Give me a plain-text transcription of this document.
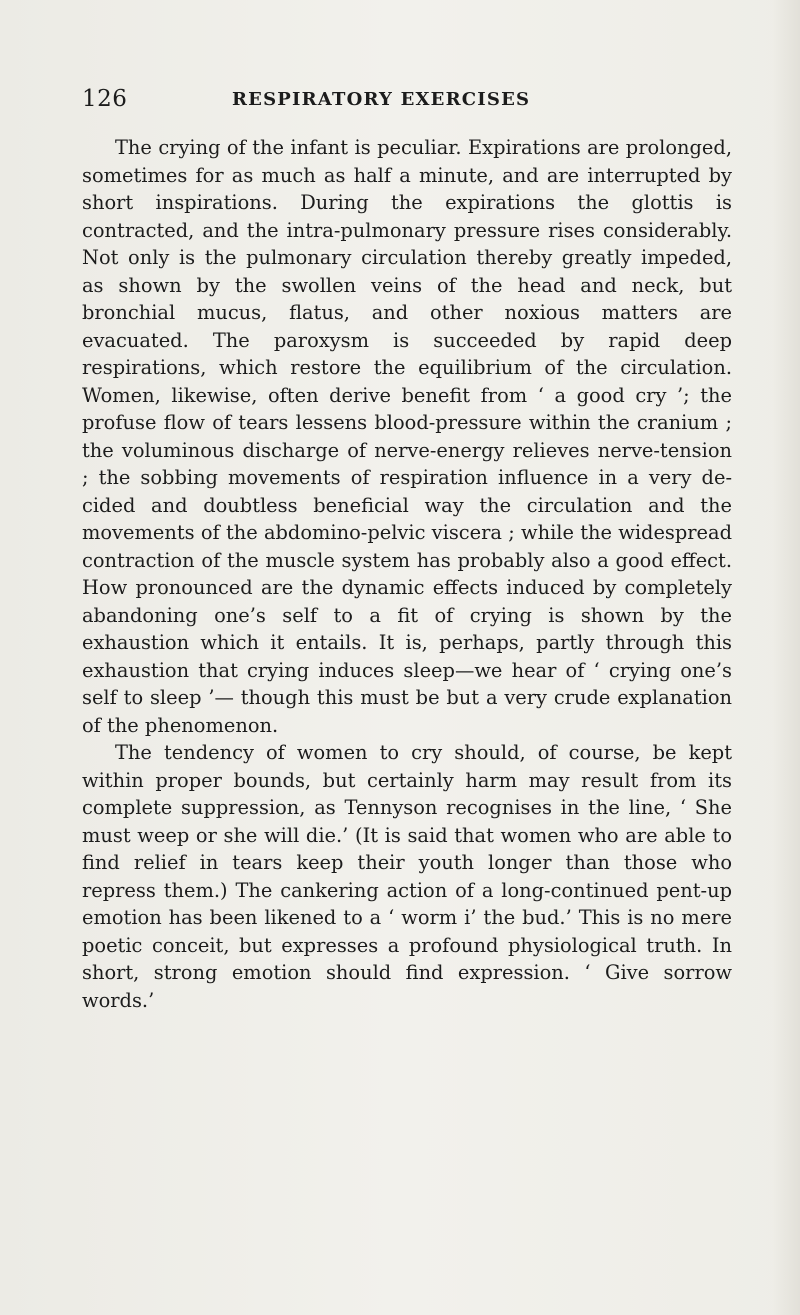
126	RESPIRATORY EXERCISES

The crying of the infant is peculiar. Expirations are prolonged, sometimes for as much as half a minute, and are interrupted by short inspirations. During the expirations the glottis is contracted, and the intra-pulmonary pressure rises considerably. Not only is the pulmonary circulation thereby greatly impeded, as shown by the swollen veins of the head and neck, but bronchial mucus, flatus, and other noxious matters are evacuated. The paroxysm is succeeded by rapid deep respirations, which restore the equilibrium of the circulation. Women, likewise, often derive benefit from ‘ a good cry ’; the profuse flow of tears lessens blood-pressure within the cranium ; the voluminous discharge of nerve-energy relieves nerve-tension ; the sobbing movements of respiration influence in a very decided and doubtless beneficial way the circulation and the movements of the abdomino-pelvic viscera ; while the widespread contraction of the muscle system has probably also a good effect. How pronounced are the dynamic effects induced by completely abandoning one’s self to a fit of crying is shown by the exhaustion which it entails. It is, perhaps, partly through this exhaustion that crying induces sleep—we hear of ‘ crying one’s self to sleep ’— though this must be but a very crude explanation of the phenomenon.

The tendency of women to cry should, of course, be kept within proper bounds, but certainly harm may result from its complete suppression, as Tennyson recognises in the line, ‘ She must weep or she will die.’ (It is said that women who are able to find relief in tears keep their youth longer than those who repress them.) The cankering action of a long-continued pent-up emotion has been likened to a ‘ worm i’ the bud.’ This is no mere poetic conceit, but expresses a profound physiological truth. In short, strong emotion should find expression. ‘ Give sorrow words.’
